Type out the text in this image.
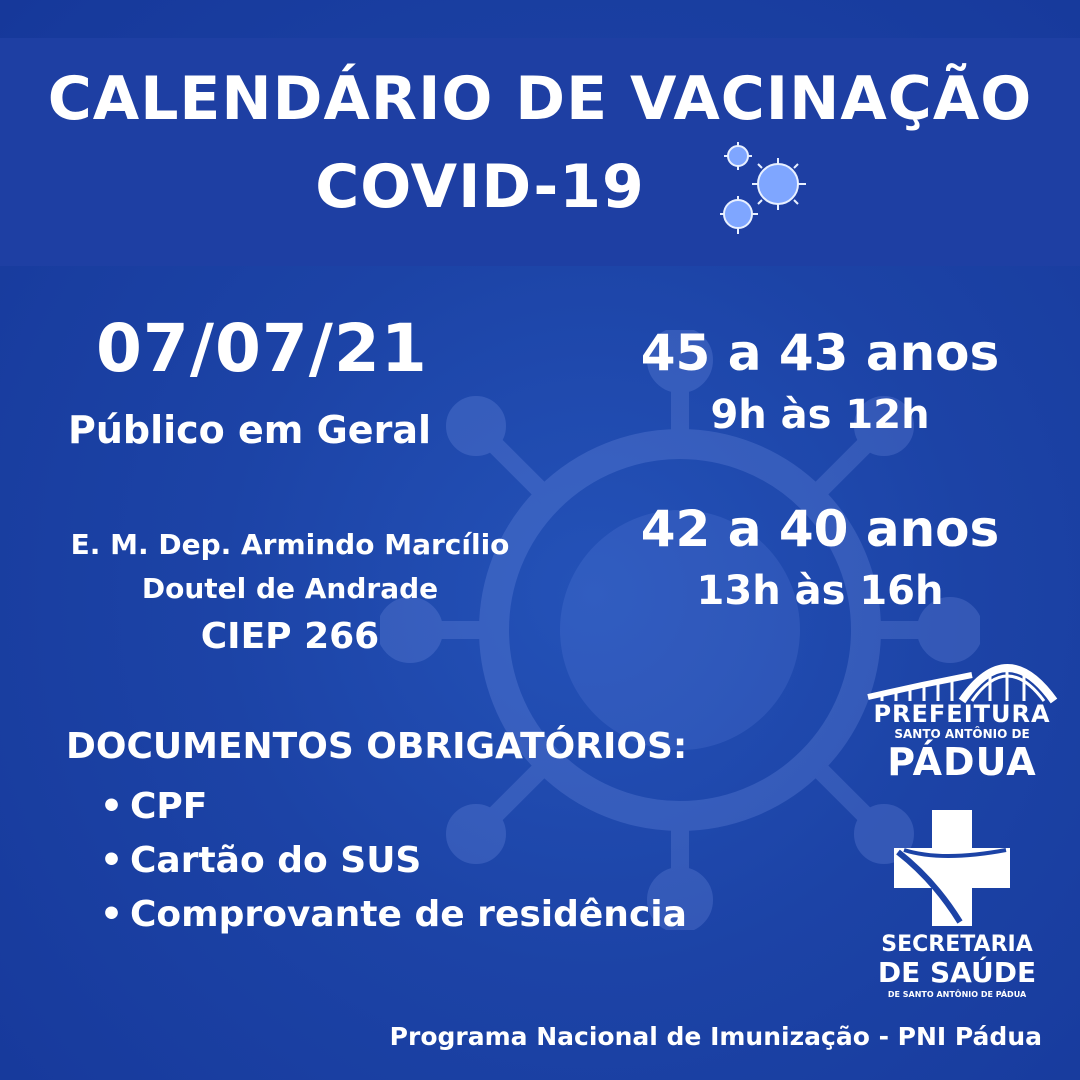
CALENDÁRIO DE VACINAÇÃO
COVID-19
07/07/21
Público em Geral
E. M. Dep. Armindo Marcílio
Doutel de Andrade
CIEP 266
45 a 43 anos
9h às 12h
42 a 40 anos
13h às 16h
DOCUMENTOS OBRIGATÓRIOS:
• CPF
• Cartão do SUS
• Comprovante de residência
PREFEITURA
SANTO ANTÔNIO DE
PÁDUA
SECRETARIA
DE SAÚDE
DE SANTO ANTÔNIO DE PÁDUA
Programa Nacional de Imunização - PNI Pádua
